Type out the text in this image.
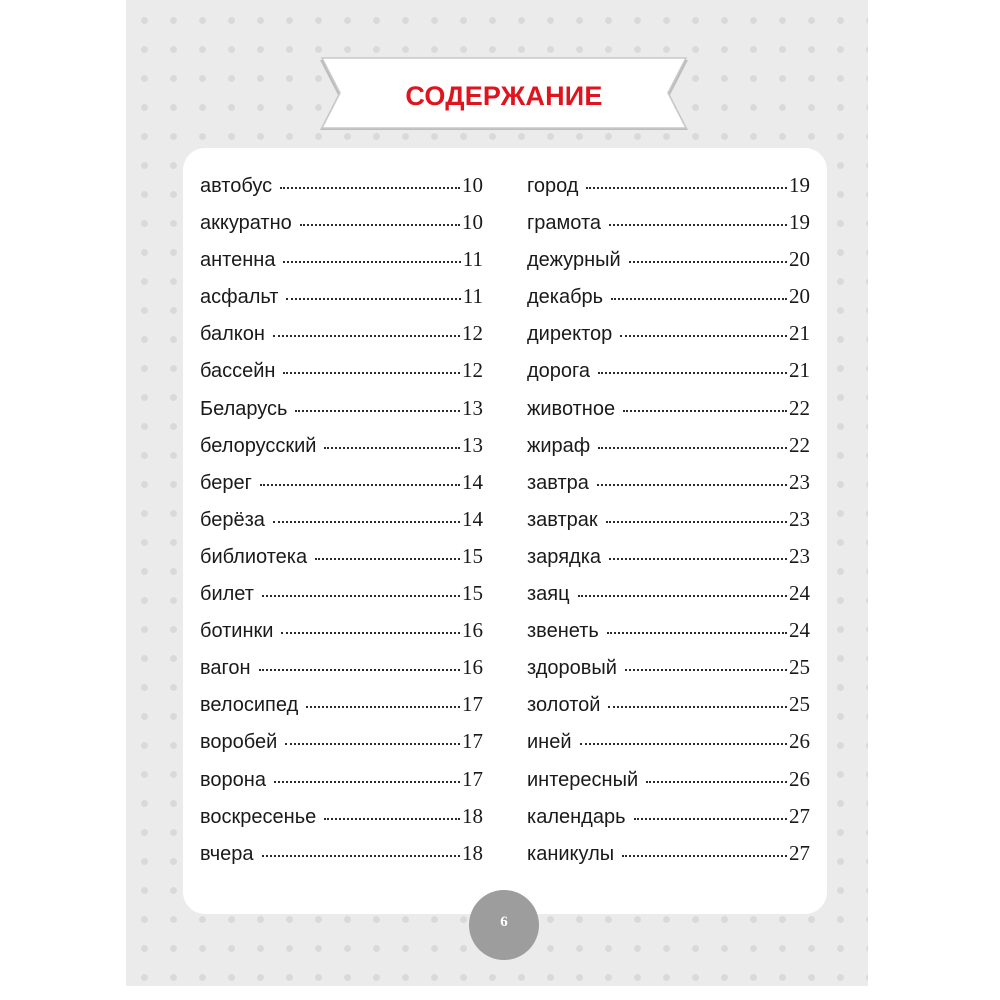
СОДЕРЖАНИЕ
автобус	10
аккуратно	10
антенна	11
асфальт	11
балкон	12
бассейн	12
Беларусь	13
белорусский	13
берег	14
берёза	14
библиотека	15
билет	15
ботинки	16
вагон	16
велосипед	17
воробей	17
ворона	17
воскресенье	18
вчера	18
город	19
грамота	19
дежурный	20
декабрь	20
директор	21
дорога	21
животное	22
жираф	22
завтра	23
завтрак	23
зарядка	23
заяц	24
звенеть	24
здоровый	25
золотой	25
иней	26
интересный	26
календарь	27
каникулы	27
6
